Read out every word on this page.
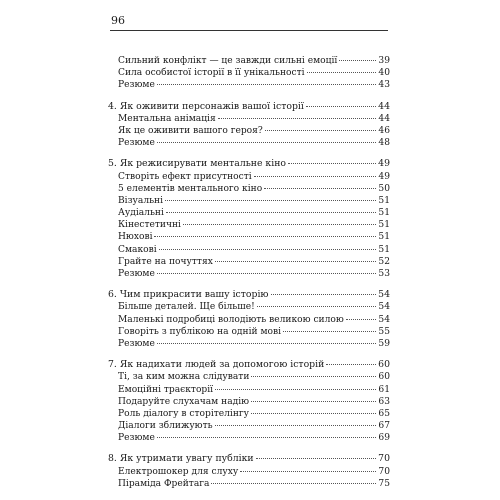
96
Сильний конфлікт — це завжди сильні емоції	39
Сила особистої історії в її унікальності	40
Резюме	43
4. Як оживити персонажів вашої історії	44
Ментальна анімація	44
Як це оживити вашого героя?	46
Резюме	48
5. Як режисирувати ментальне кіно	49
Створіть ефект присутності	49
5 елементів ментального кіно	50
Візуальні	51
Аудіальні	51
Кінестетичні	51
Нюхові	51
Смакові	51
Грайте на почуттях	52
Резюме	53
6. Чим прикрасити вашу історію	54
Більше деталей. Ще більше!	54
Маленькі подробиці володіють великою силою	54
Говоріть з публікою на одній мові	55
Резюме	59
7. Як надихати людей за допомогою історій	60
Ті, за ким можна слідувати	60
Емоційні траєкторії	61
Подаруйте слухачам надію	63
Роль діалогу в сторітелінгу	65
Діалоги зближують	67
Резюме	69
8. Як утримати увагу публіки	70
Електрошокер для слуху	70
Піраміда Фрейтага	75
